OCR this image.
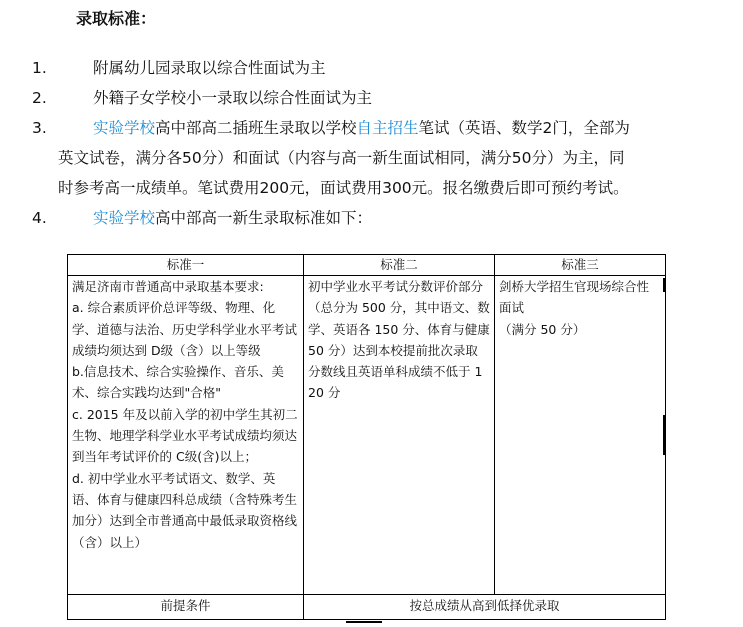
录取标准：
1.	附属幼儿园录取以综合性面试为主
2.	外籍子女学校小一录取以综合性面试为主
3.	实验学校高中部高二插班生录取以学校自主招生笔试（英语、数学2门，全部为
英文试卷，满分各50分）和面试（内容与高一新生面试相同，满分50分）为主，同
时参考高一成绩单。笔试费用200元，面试费用300元。报名缴费后即可预约考试。
4.	实验学校高中部高一新生录取标准如下：
标准一	标准二	标准三
满足济南市普通高中录取基本要求:
a. 综合素质评价总评等级、物理、化学、道德与法治、历史学科学业水平考试成绩均须达到 D级（含）以上等级
b.信息技术、综合实验操作、音乐、美术、综合实践均达到"合格"
c. 2015 年及以前入学的初中学生其初二生物、地理学科学业水平考试成绩均须达到当年考试评价的 C级(含)以上；
d. 初中学业水平考试语文、数学、英语、体育与健康四科总成绩（含特殊考生加分）达到全市普通高中最低录取资格线（含）以上）	初中学业水平考试分数评价部分（总分为 500 分，其中语文、数学、英语各 150 分、体育与健康 50 分）达到本校提前批次录取分数线且英语单科成绩不低于 120 分	剑桥大学招生官现场综合性面试
（满分 50 分）
前提条件	按总成绩从高到低择优录取	
